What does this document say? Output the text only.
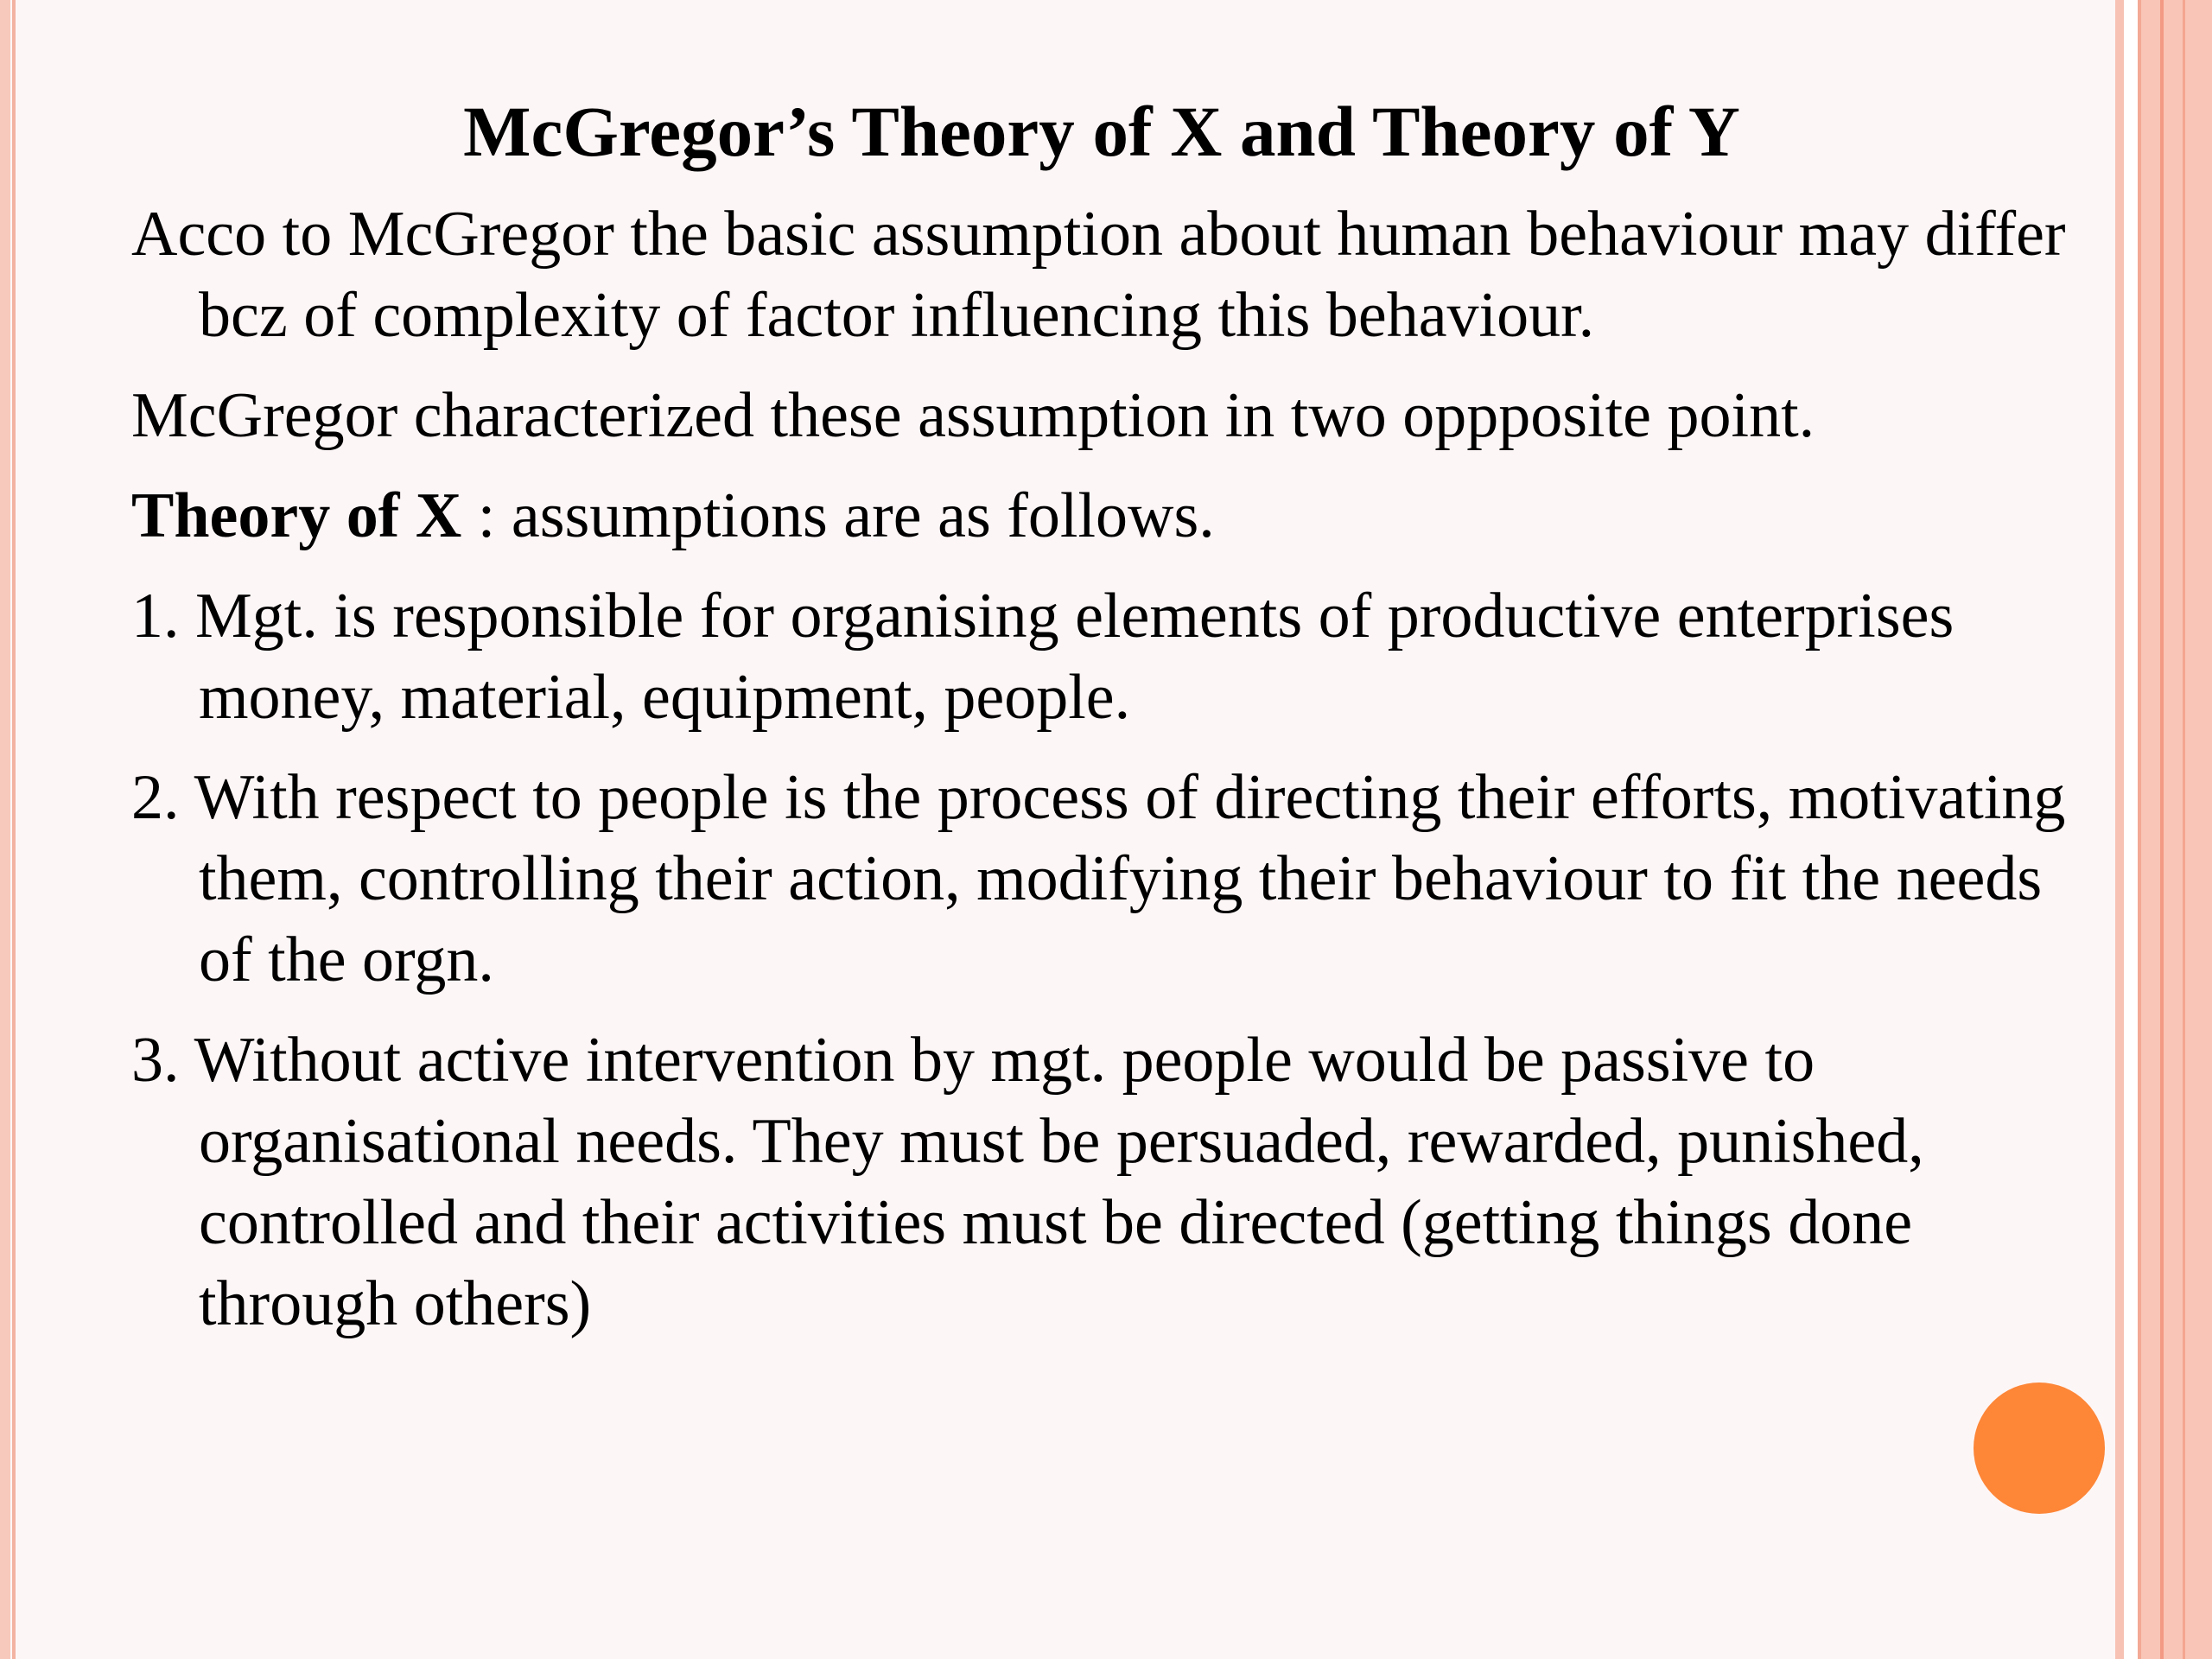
McGregor’s Theory of X and Theory of Y

Acco to McGregor the basic assumption about human behaviour may differ bcz of complexity of factor influencing this behaviour.

McGregor characterized these assumption in two oppposite point.

Theory of X : assumptions are as follows.

1. Mgt. is responsible for organising elements of productive enterprises money, material, equipment, people.

2. With respect to people is the process of directing their efforts, motivating them, controlling their action, modifying their behaviour to fit the needs of the orgn.

3. Without active intervention by mgt. people would be passive to organisational needs. They must be persuaded, rewarded, punished, controlled and their activities must be directed (getting things done through others)
